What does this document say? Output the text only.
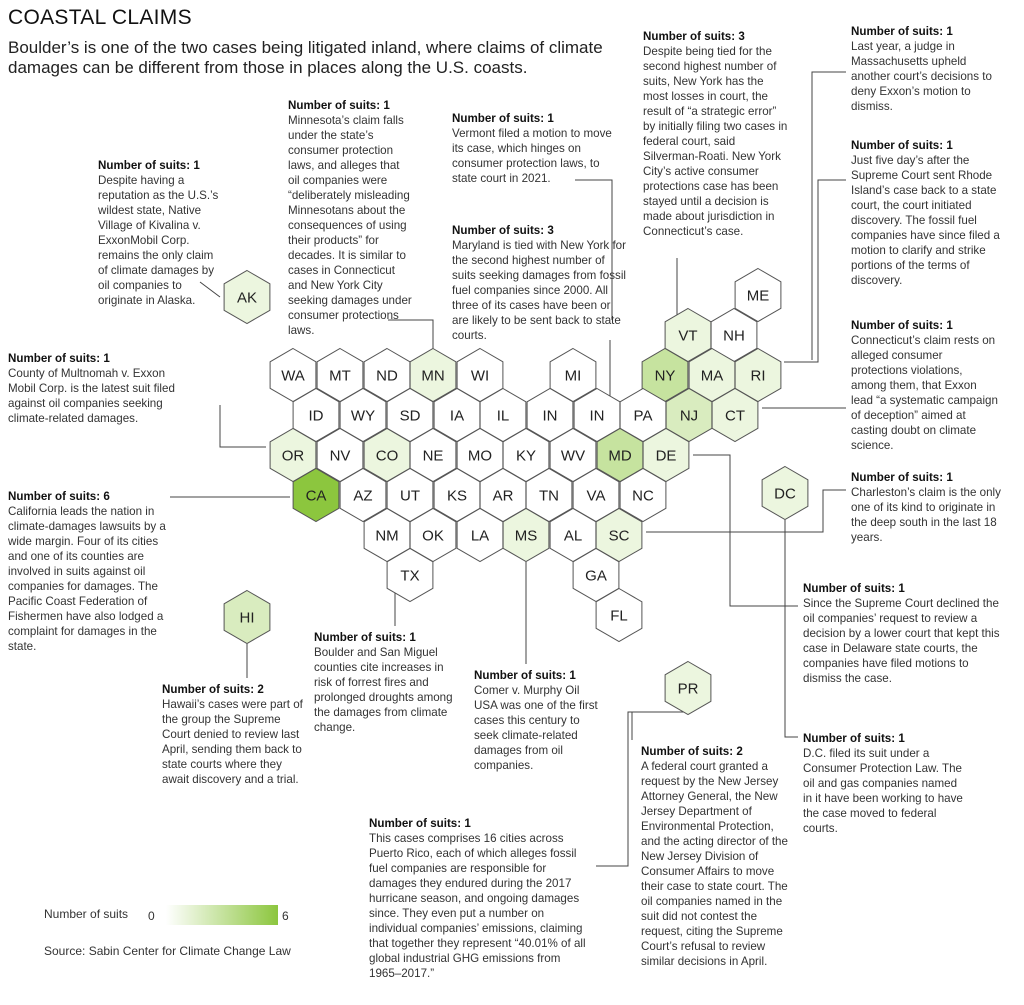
COASTAL CLAIMS
Boulder’s is one of the two cases being litigated inland, where claims of climate damages can be different from those in places along the U.S. coasts.
ME
VT NH
WA MT ND MN WI	MI	NY MA RI
ID WY SD IA IL IN IN PA NJ CT
OR NV CO NE MO KY WV MD DE
CA AZ UT KS AR TN VA NC
NM OK LA MS AL SC
TX	GA
FL
AK
HI
DC
PR
Number of suits: 1
Despite having a reputation as the U.S.’s wildest state, Native Village of Kivalina v. ExxonMobil Corp. remains the only claim of climate damages by oil companies to originate in Alaska.
Number of suits: 1
Minnesota’s claim falls under the state’s consumer protection laws, and alleges that oil companies were “deliberately misleading Minnesotans about the consequences of using their products” for decades. It is similar to cases in Connecticut and New York City seeking damages under consumer protections laws.
Number of suits: 1
Vermont filed a motion to move its case, which hinges on consumer protection laws, to state court in 2021.
Number of suits: 3
Maryland is tied with New York for the second highest number of suits seeking damages from fossil fuel companies since 2000. All three of its cases have been or are likely to be sent back to state courts.
Number of suits: 3
Despite being tied for the second highest number of suits, New York has the most losses in court, the result of “a strategic error” by initially filing two cases in federal court, said Silverman-Roati. New York City’s active consumer protections case has been stayed until a decision is made about jurisdiction in Connecticut’s case.
Number of suits: 1
Last year, a judge in Massachusetts upheld another court’s decisions to deny Exxon’s motion to dismiss.
Number of suits: 1
Just five day’s after the Supreme Court sent Rhode Island’s case back to a state court, the court initiated discovery. The fossil fuel companies have since filed a motion to clarify and strike portions of the terms of discovery.
Number of suits: 1
Connecticut’s claim rests on alleged consumer protections violations, among them, that Exxon lead “a systematic campaign of deception” aimed at casting doubt on climate science.
Number of suits: 1
County of Multnomah v. Exxon Mobil Corp. is the latest suit filed against oil companies seeking climate-related damages.
Number of suits: 1
Charleston’s claim is the only one of its kind to originate in the deep south in the last 18 years.
Number of suits: 6
California leads the nation in climate-damages lawsuits by a wide margin. Four of its cities and one of its counties are involved in suits against oil companies for damages. The Pacific Coast Federation of Fishermen have also lodged a complaint for damages in the state.
Number of suits: 1
Since the Supreme Court declined the oil companies’ request to review a decision by a lower court that kept this case in Delaware state courts, the companies have filed motions to dismiss the case.
Number of suits: 1
Boulder and San Miguel counties cite increases in risk of forrest fires and prolonged droughts among the damages from climate change.
Number of suits: 1
Comer v. Murphy Oil USA was one of the first cases this century to seek climate-related damages from oil companies.
Number of suits: 2
Hawaii’s cases were part of the group the Supreme Court denied to review last April, sending them back to state courts where they await discovery and a trial.
Number of suits: 1
D.C. filed its suit under a Consumer Protection Law. The oil and gas companies named in it have been working to have the case moved to federal courts.
Number of suits: 2
A federal court granted a request by the New Jersey Attorney General, the New Jersey Department of Environmental Protection, and the acting director of the New Jersey Division of Consumer Affairs to move their case to state court. The oil companies named in the suit did not contest the request, citing the Supreme Court’s refusal to review similar decisions in April.
Number of suits: 1
This cases comprises 16 cities across Puerto Rico, each of which alleges fossil fuel companies are responsible for damages they endured during the 2017 hurricane season, and ongoing damages since. They even put a number on individual companies’ emissions, claiming that together they represent “40.01% of all global industrial GHG emissions from 1965–2017.”
Number of suits 0	6
Source: Sabin Center for Climate Change Law
